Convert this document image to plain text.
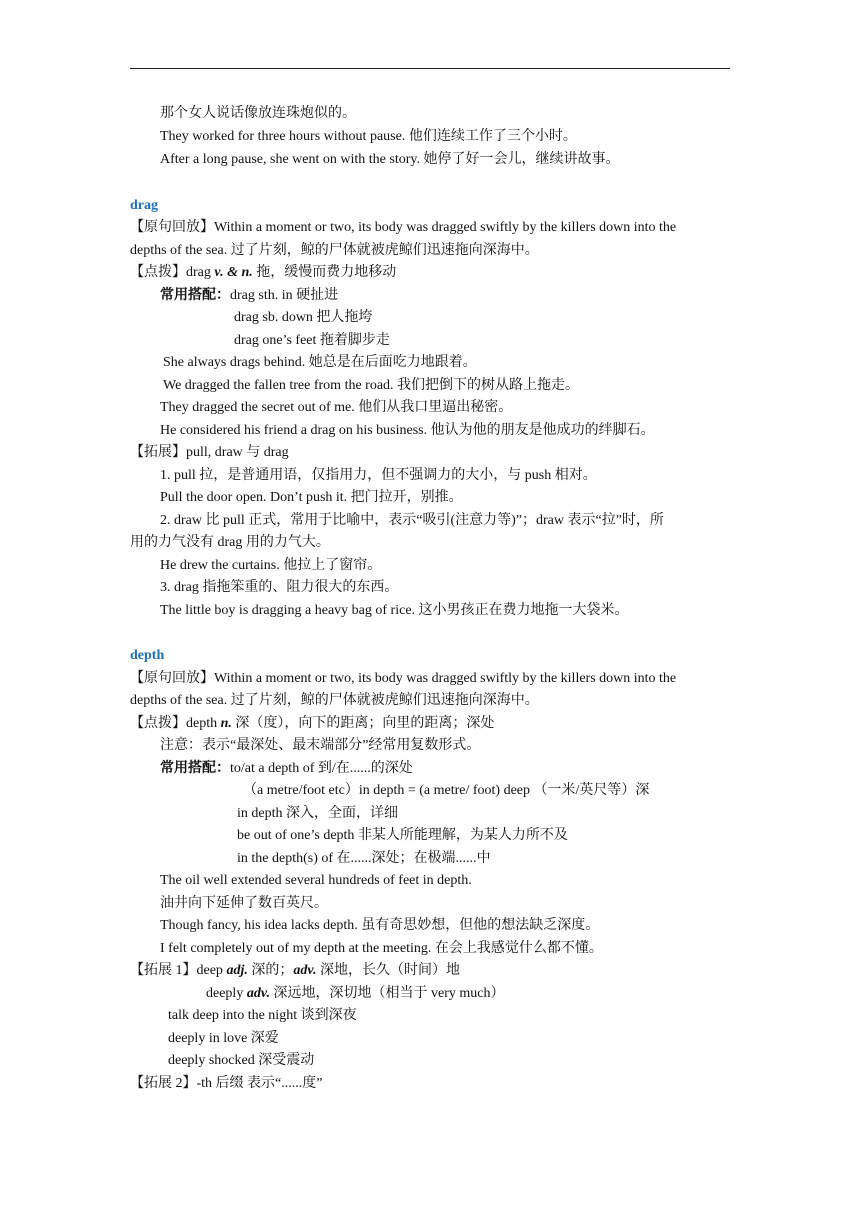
那个女人说话像放连珠炮似的。
They worked for three hours without pause. 他们连续工作了三个小时。
After a long pause, she went on with the story. 她停了好一会儿，继续讲故事。
drag
【原句回放】Within a moment or two, its body was dragged swiftly by the killers down into the
depths of the sea. 过了片刻，鲸的尸体就被虎鲸们迅速拖向深海中。
【点拨】drag v. & n. 拖，缓慢而费力地移动
常用搭配：drag sth. in 硬扯进
drag sb. down 把人拖垮
drag one’s feet 拖着脚步走
She always drags behind. 她总是在后面吃力地跟着。
We dragged the fallen tree from the road. 我们把倒下的树从路上拖走。
They dragged the secret out of me. 他们从我口里逼出秘密。
He considered his friend a drag on his business. 他认为他的朋友是他成功的绊脚石。
【拓展】pull, draw 与 drag
1. pull 拉，是普通用语，仅指用力，但不强调力的大小，与 push 相对。
Pull the door open. Don’t push it. 把门拉开，别推。
2. draw 比 pull 正式，常用于比喻中，表示“吸引(注意力等)”；draw 表示“拉”时，所
用的力气没有 drag 用的力气大。
He drew the curtains. 他拉上了窗帘。
3. drag 指拖笨重的、阻力很大的东西。
The little boy is dragging a heavy bag of rice. 这小男孩正在费力地拖一大袋米。
depth
【原句回放】Within a moment or two, its body was dragged swiftly by the killers down into the
depths of the sea. 过了片刻，鲸的尸体就被虎鲸们迅速拖向深海中。
【点拨】depth n. 深（度），向下的距离；向里的距离；深处
注意：表示“最深处、最末端部分”经常用复数形式。
常用搭配：to/at a depth of 到/在......的深处
（a metre/foot etc）in depth = (a metre/ foot) deep （一米/英尺等）深
in depth 深入，全面，详细
be out of one’s depth 非某人所能理解，为某人力所不及
in the depth(s) of 在......深处；在极端......中
The oil well extended several hundreds of feet in depth.
油井向下延伸了数百英尺。
Though fancy, his idea lacks depth. 虽有奇思妙想，但他的想法缺乏深度。
I felt completely out of my depth at the meeting. 在会上我感觉什么都不懂。
【拓展 1】deep adj. 深的；adv. 深地，长久（时间）地
deeply adv. 深远地，深切地（相当于 very much）
talk deep into the night 谈到深夜
deeply in love 深爱
deeply shocked 深受震动
【拓展 2】-th 后缀 表示“......度”
